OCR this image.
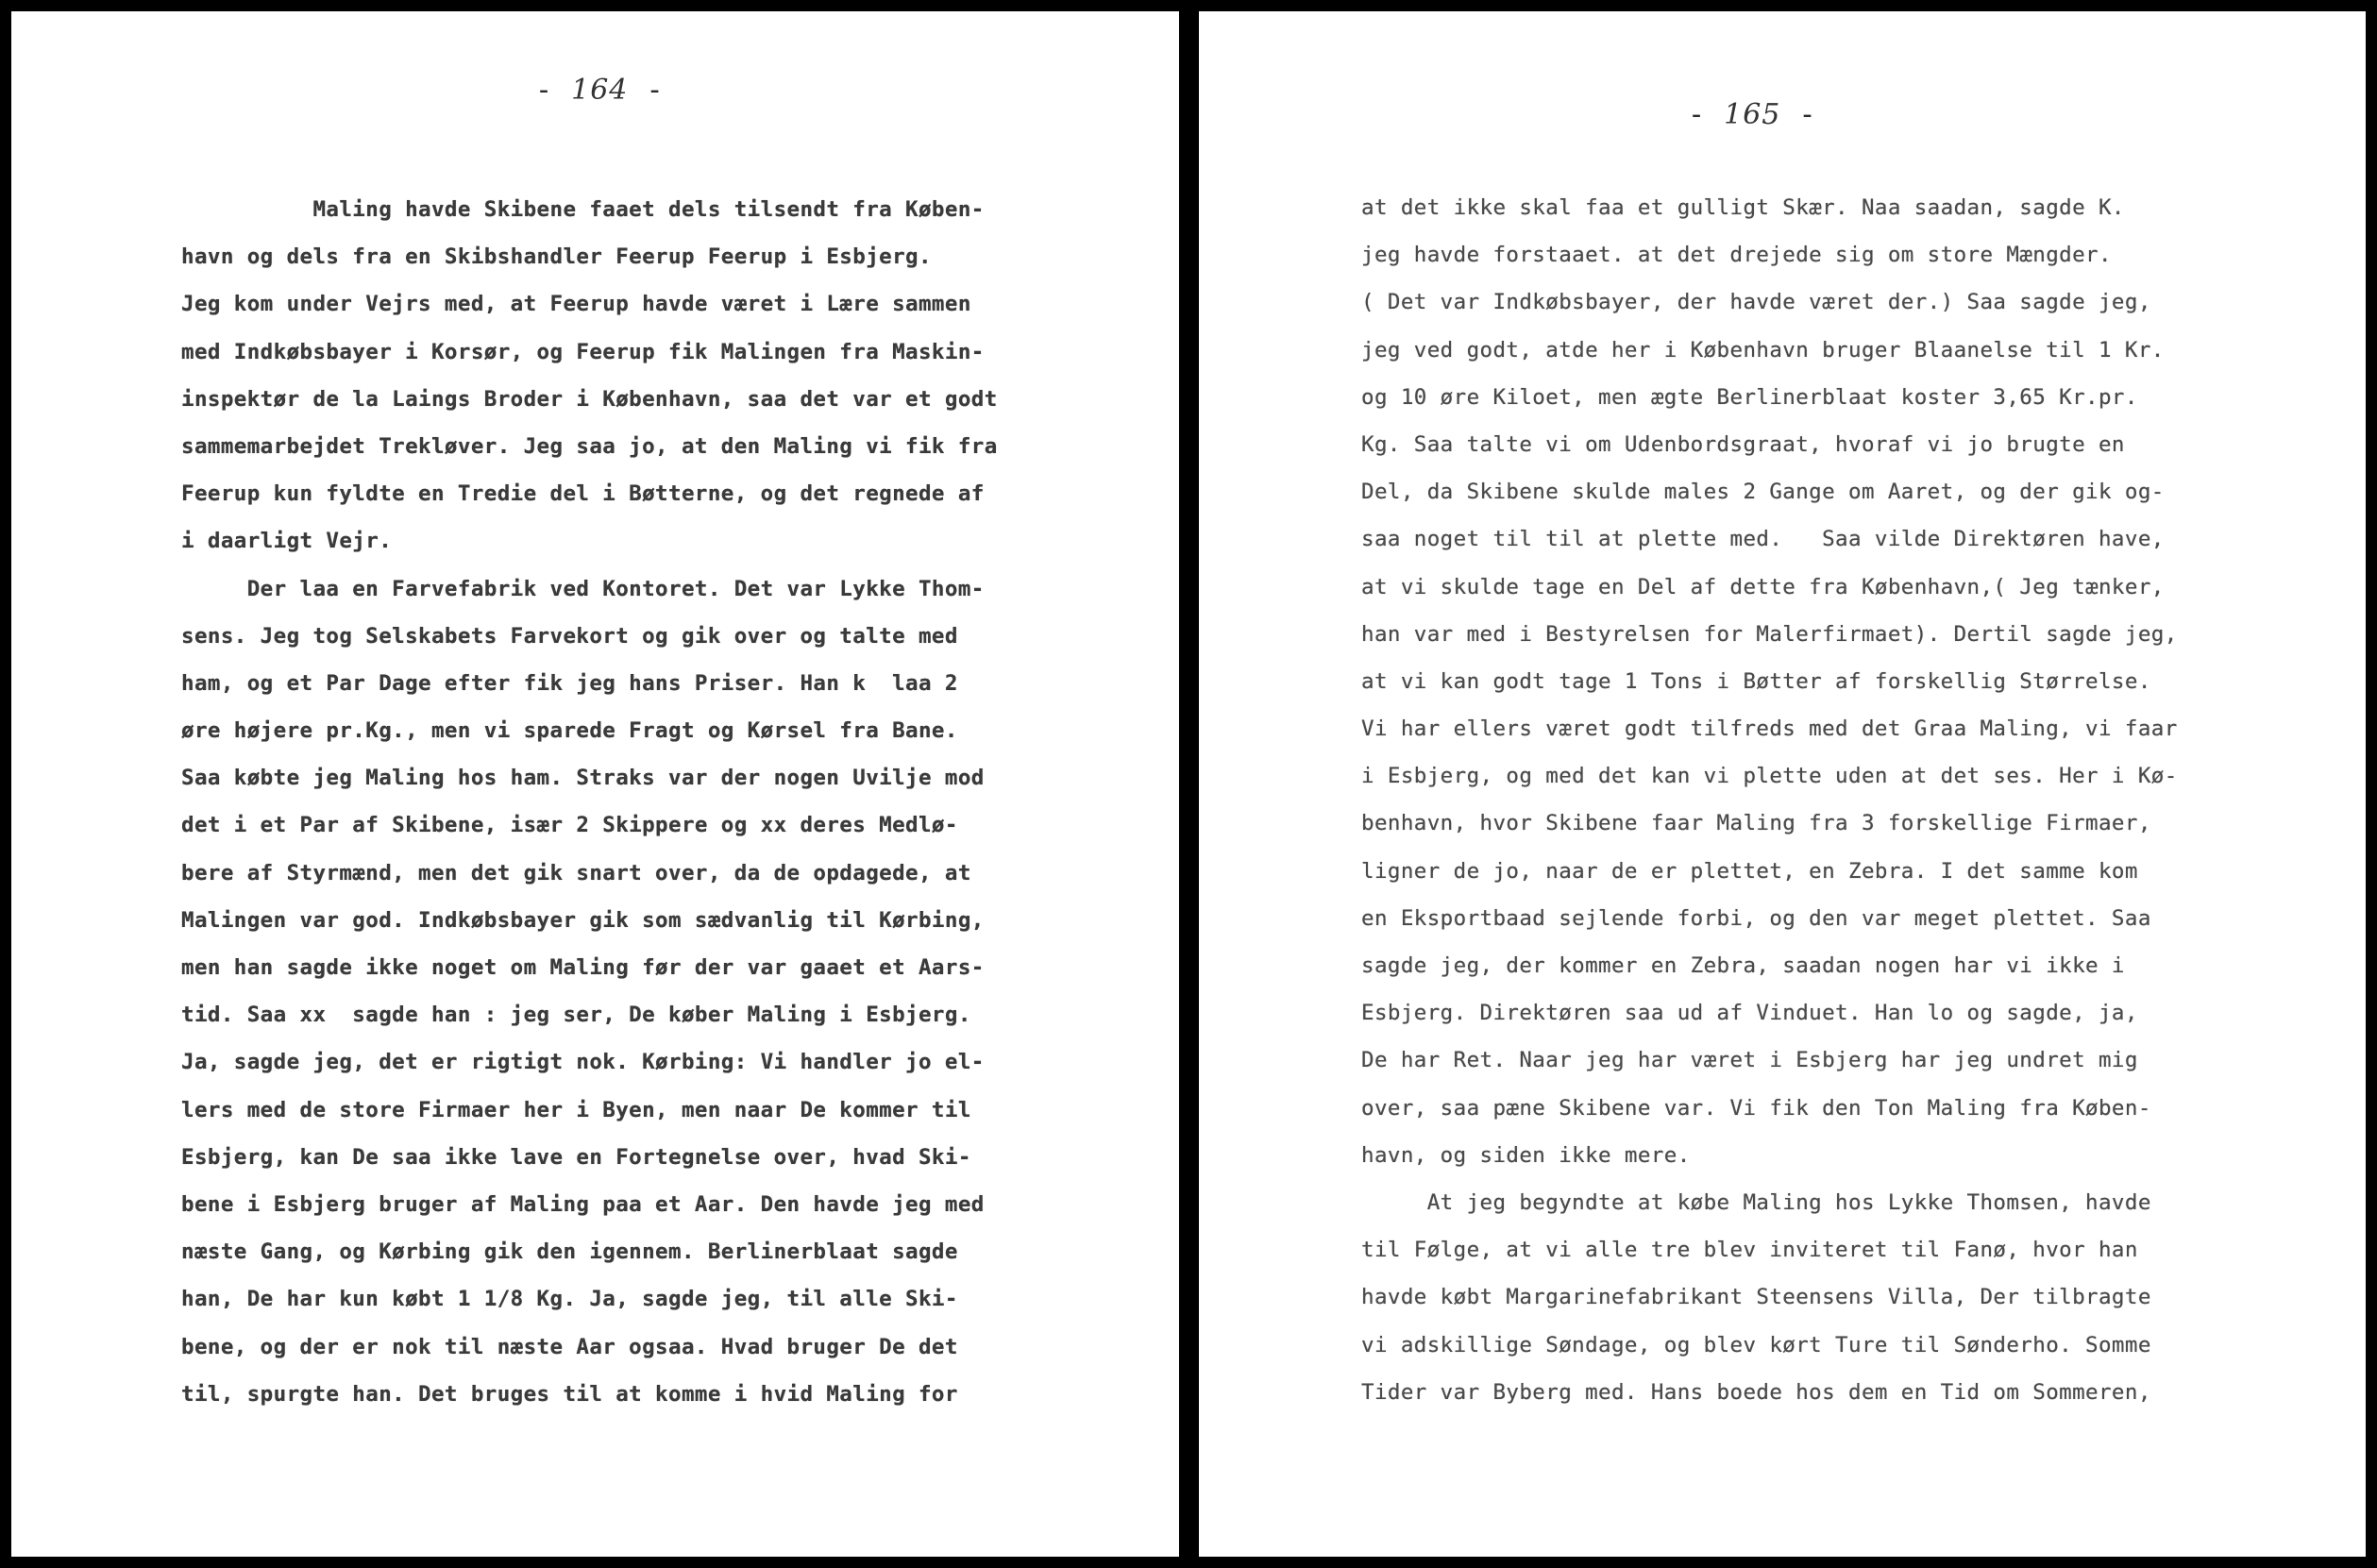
- 164 -
Maling havde Skibene faaet dels tilsendt fra Køben-
havn og dels fra en Skibshandler Feerup Feerup i Esbjerg.
Jeg kom under Vejrs med, at Feerup havde været i Lære sammen
med Indkøbsbayer i Korsør, og Feerup fik Malingen fra Maskin-
inspektør de la Laings Broder i København, saa det var et godt
sammemarbejdet Trekløver. Jeg saa jo, at den Maling vi fik fra
Feerup kun fyldte en Tredie del i Bøtterne, og det regnede af
i daarligt Vejr.
Der laa en Farvefabrik ved Kontoret. Det var Lykke Thom-
sens. Jeg tog Selskabets Farvekort og gik over og talte med
ham, og et Par Dage efter fik jeg hans Priser. Han k  laa 2
øre højere pr.Kg., men vi sparede Fragt og Kørsel fra Bane.
Saa købte jeg Maling hos ham. Straks var der nogen Uvilje mod
det i et Par af Skibene, især 2 Skippere og xx deres Medlø-
bere af Styrmænd, men det gik snart over, da de opdagede, at
Malingen var god. Indkøbsbayer gik som sædvanlig til Kørbing,
men han sagde ikke noget om Maling før der var gaaet et Aars-
tid. Saa xx  sagde han : jeg ser, De køber Maling i Esbjerg.
Ja, sagde jeg, det er rigtigt nok. Kørbing: Vi handler jo el-
lers med de store Firmaer her i Byen, men naar De kommer til
Esbjerg, kan De saa ikke lave en Fortegnelse over, hvad Ski-
bene i Esbjerg bruger af Maling paa et Aar. Den havde jeg med
næste Gang, og Kørbing gik den igennem. Berlinerblaat sagde
han, De har kun købt 1 1/8 Kg. Ja, sagde jeg, til alle Ski-
bene, og der er nok til næste Aar ogsaa. Hvad bruger De det
til, spurgte han. Det bruges til at komme i hvid Maling for
- 165 -
at det ikke skal faa et gulligt Skær. Naa saadan, sagde K.
jeg havde forstaaet. at det drejede sig om store Mængder.
( Det var Indkøbsbayer, der havde været der.) Saa sagde jeg,
jeg ved godt, atde her i København bruger Blaanelse til 1 Kr.
og 10 øre Kiloet, men ægte Berlinerblaat koster 3,65 Kr.pr.
Kg. Saa talte vi om Udenbordsgraat, hvoraf vi jo brugte en
Del, da Skibene skulde males 2 Gange om Aaret, og der gik og-
saa noget til til at plette med.   Saa vilde Direktøren have,
at vi skulde tage en Del af dette fra København,( Jeg tænker,
han var med i Bestyrelsen for Malerfirmaet). Dertil sagde jeg,
at vi kan godt tage 1 Tons i Bøtter af forskellig Størrelse.
Vi har ellers været godt tilfreds med det Graa Maling, vi faar
i Esbjerg, og med det kan vi plette uden at det ses. Her i Kø-
benhavn, hvor Skibene faar Maling fra 3 forskellige Firmaer,
ligner de jo, naar de er plettet, en Zebra. I det samme kom
en Eksportbaad sejlende forbi, og den var meget plettet. Saa
sagde jeg, der kommer en Zebra, saadan nogen har vi ikke i
Esbjerg. Direktøren saa ud af Vinduet. Han lo og sagde, ja,
De har Ret. Naar jeg har været i Esbjerg har jeg undret mig
over, saa pæne Skibene var. Vi fik den Ton Maling fra Køben-
havn, og siden ikke mere.
At jeg begyndte at købe Maling hos Lykke Thomsen, havde
til Følge, at vi alle tre blev inviteret til Fanø, hvor han
havde købt Margarinefabrikant Steensens Villa, Der tilbragte
vi adskillige Søndage, og blev kørt Ture til Sønderho. Somme
Tider var Byberg med. Hans boede hos dem en Tid om Sommeren,
